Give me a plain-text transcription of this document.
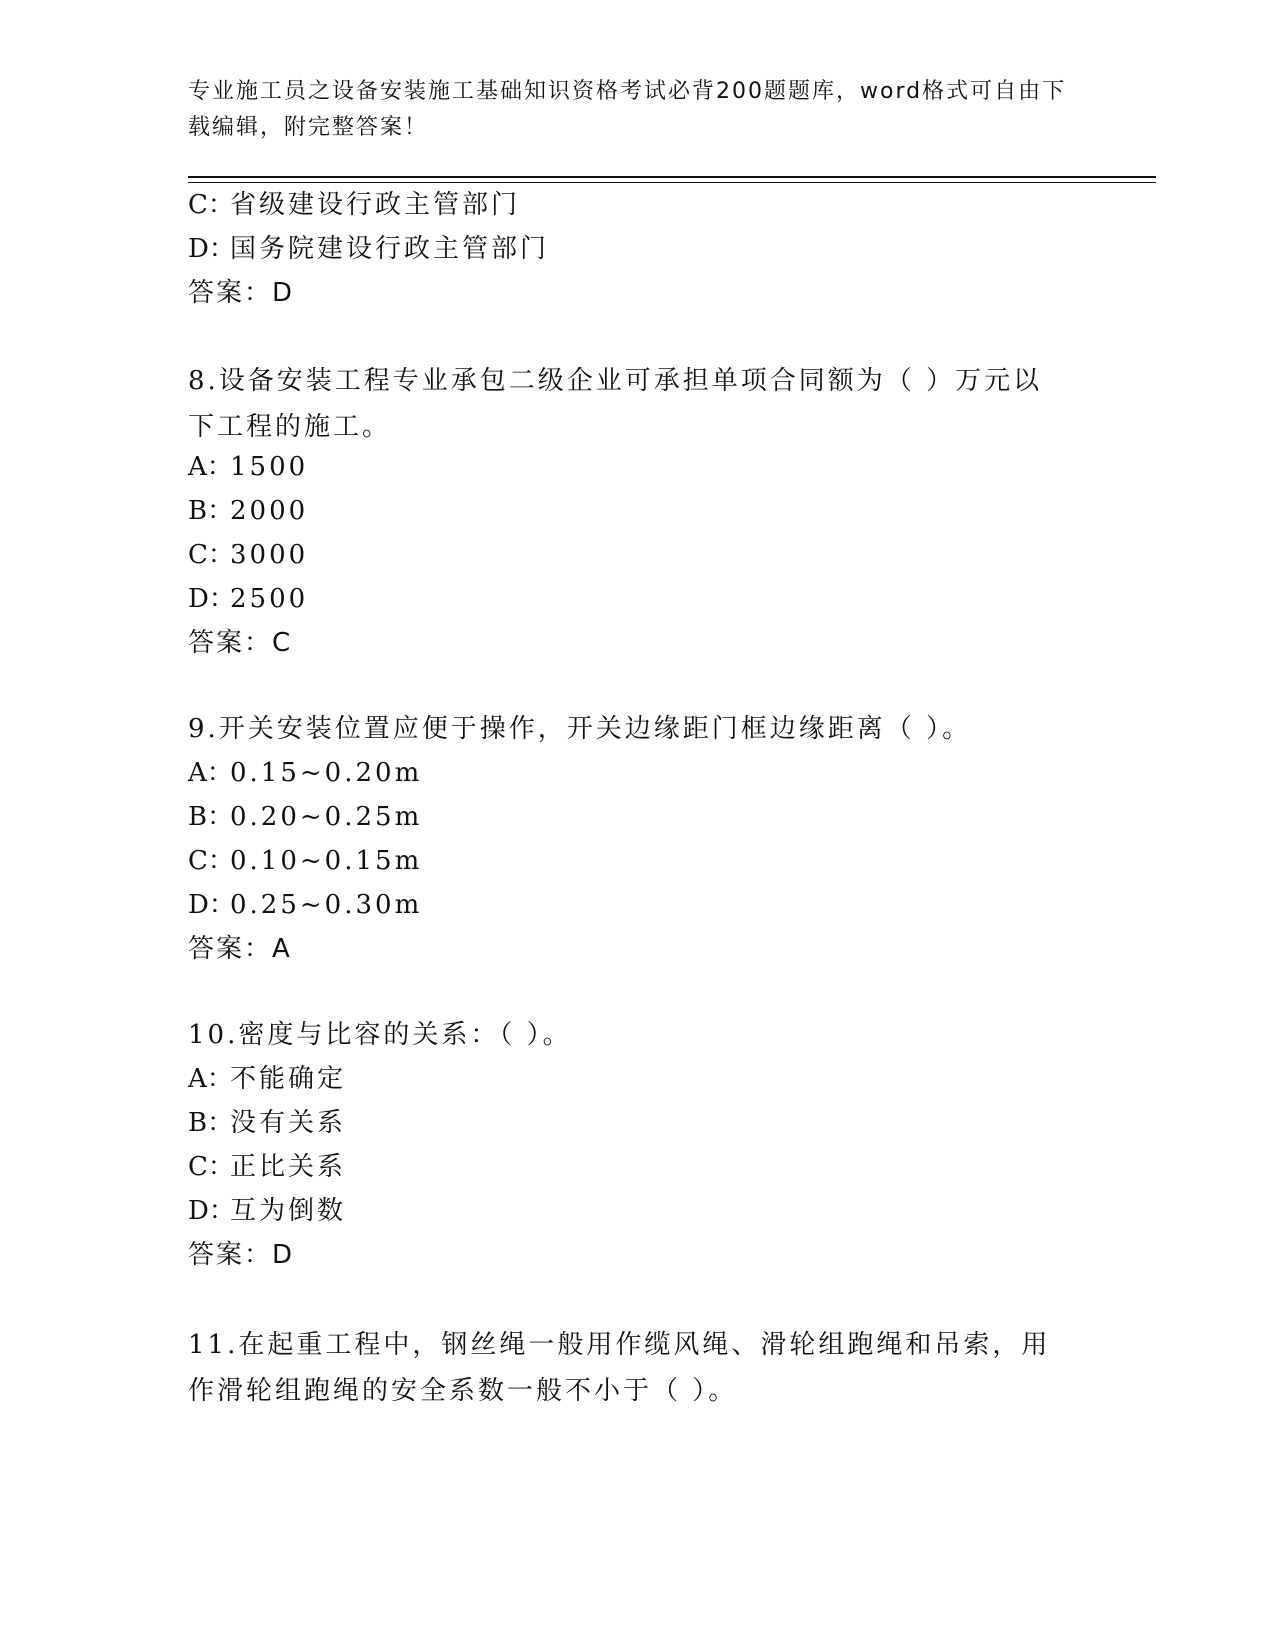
专业施工员之设备安装施工基础知识资格考试必背200题题库，word格式可自由下载编辑，附完整答案！
C：省级建设行政主管部门
D：国务院建设行政主管部门
答案：D
8.设备安装工程专业承包二级企业可承担单项合同额为（ ）万元以下工程的施工。
A：1500
B：2000
C：3000
D：2500
答案：C
9.开关安装位置应便于操作，开关边缘距门框边缘距离（ ）。
A：0.15~0.20m
B：0.20~0.25m
C：0.10~0.15m
D：0.25~0.30m
答案：A
10.密度与比容的关系：（ ）。
A：不能确定
B：没有关系
C：正比关系
D：互为倒数
答案：D
11.在起重工程中，钢丝绳一般用作缆风绳、滑轮组跑绳和吊索，用作滑轮组跑绳的安全系数一般不小于（ ）。
